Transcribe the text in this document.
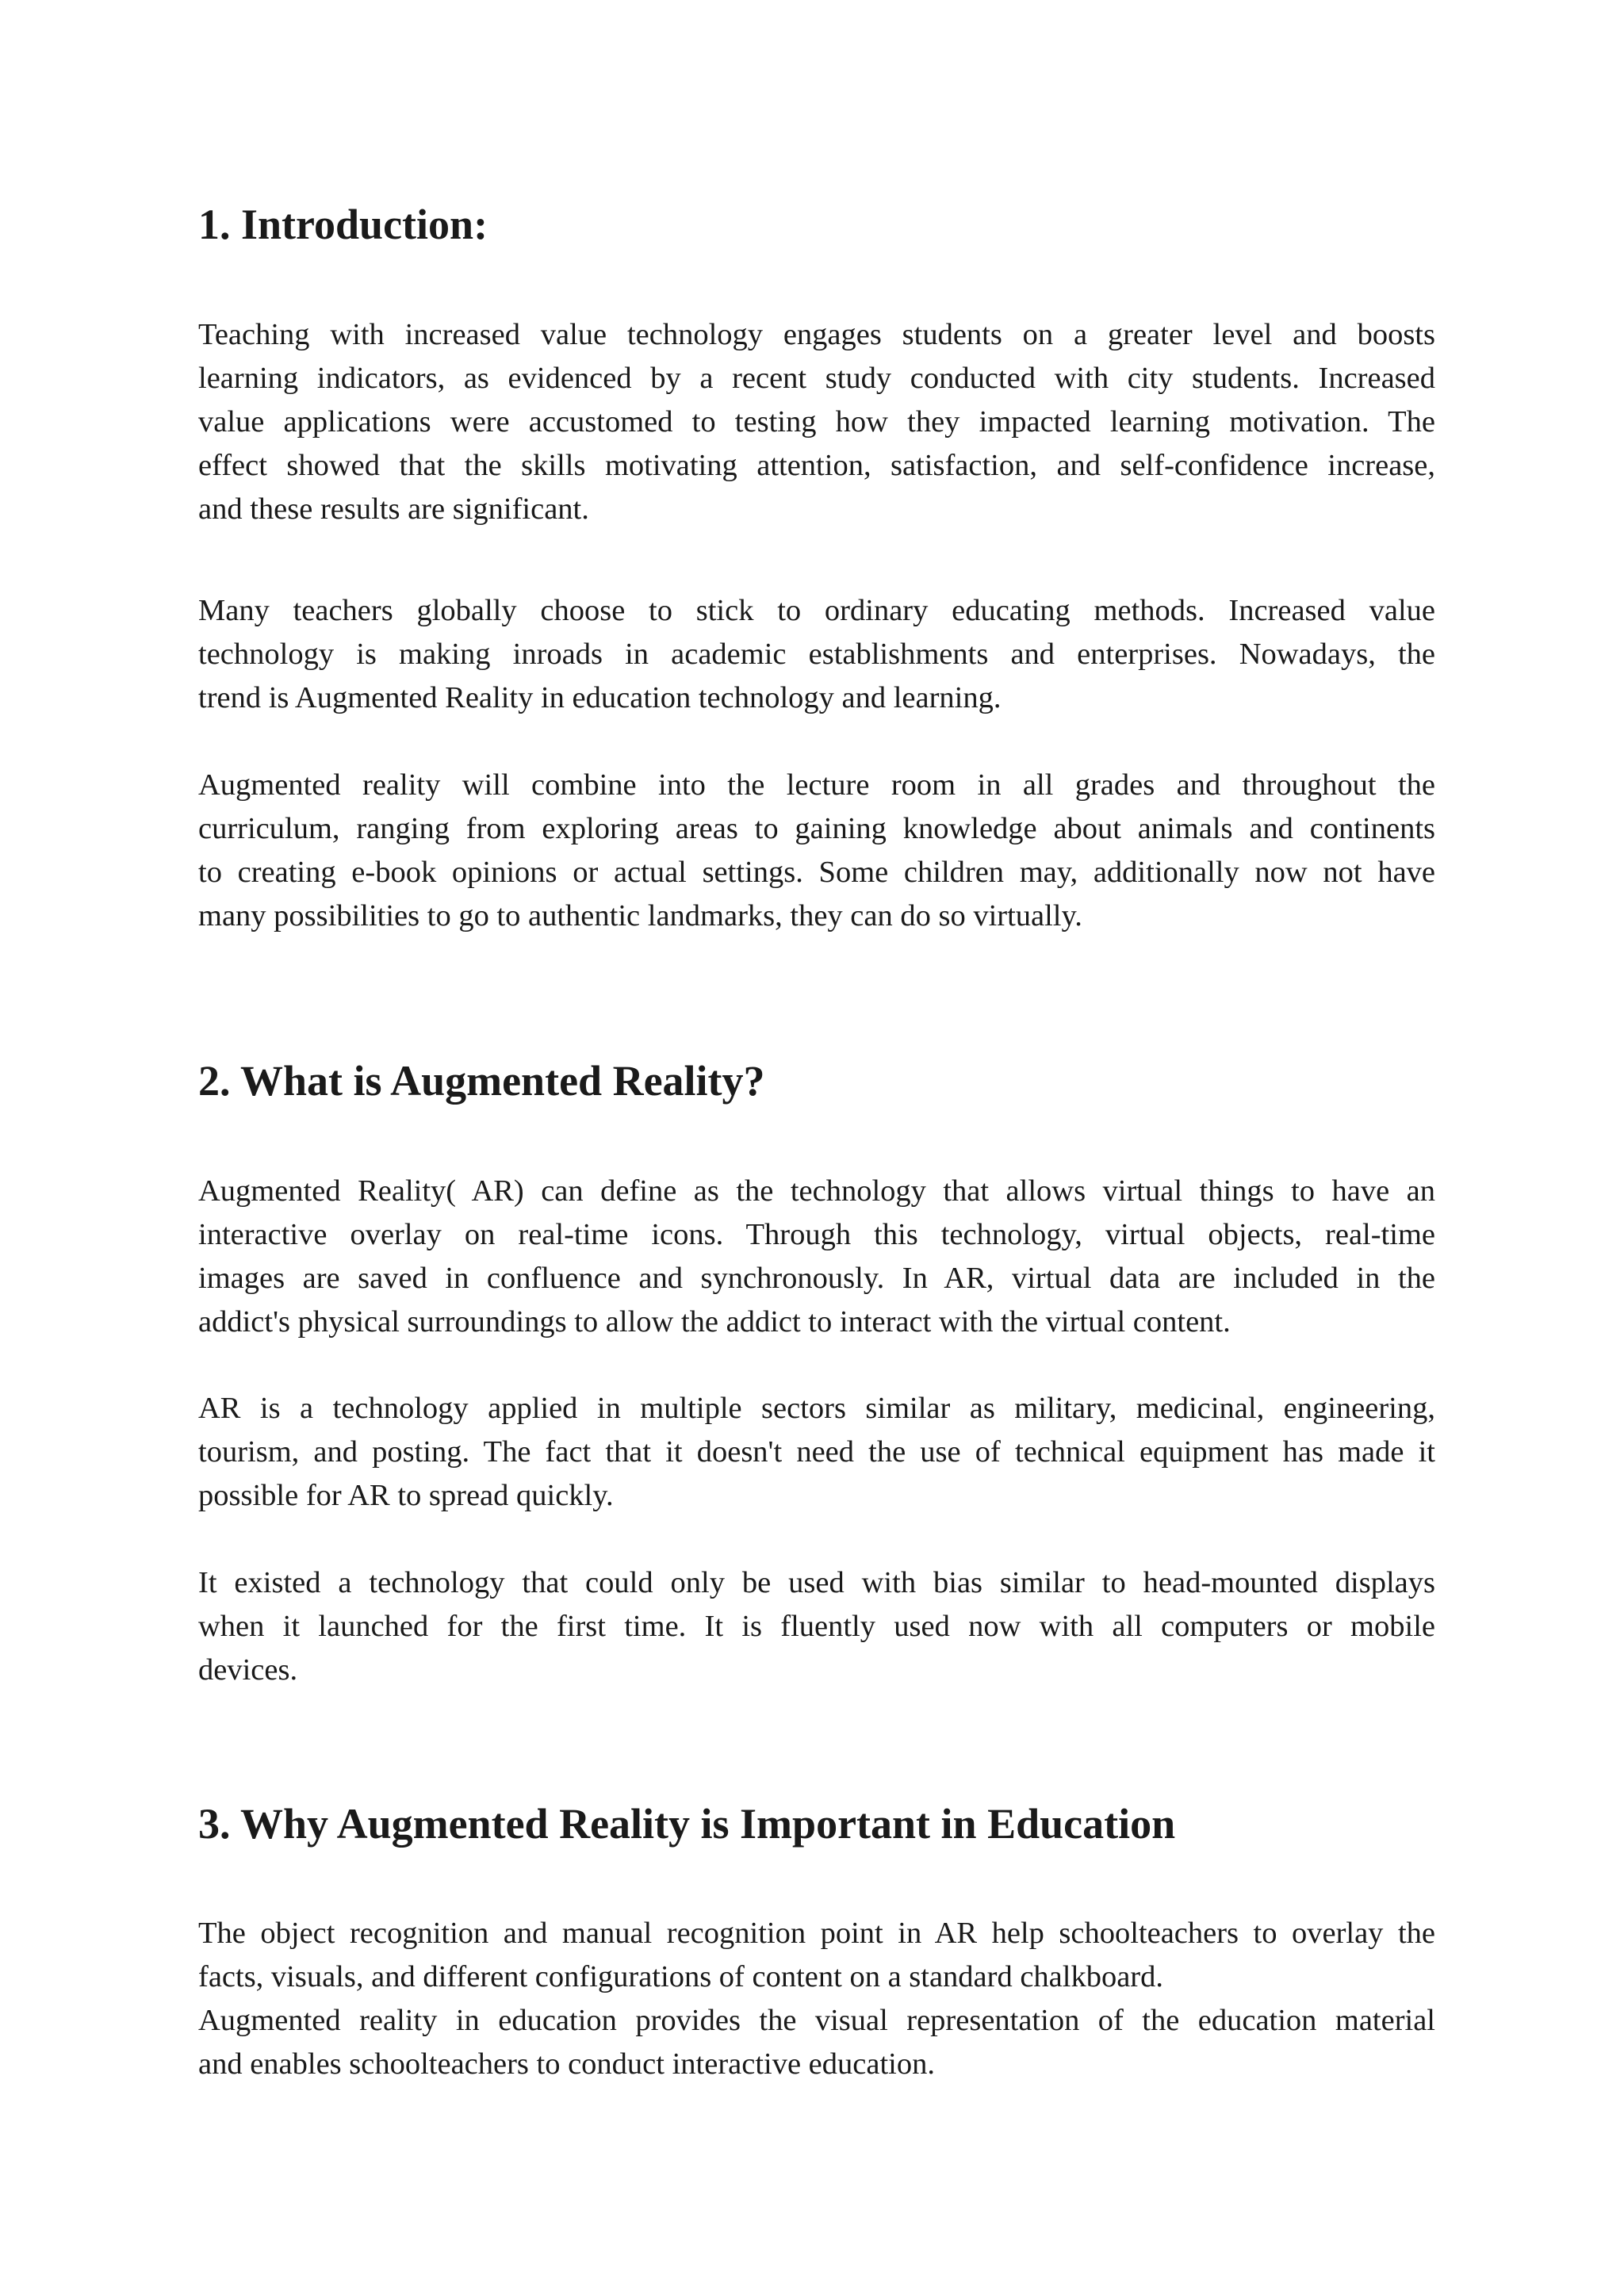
1. Introduction:
Teaching with increased value technology engages students on a greater level and boosts
learning indicators, as evidenced by a recent study conducted with city students. Increased
value applications were accustomed to testing how they impacted learning motivation. The
effect showed that the skills motivating attention, satisfaction, and self-confidence increase,
and these results are significant.
Many teachers globally choose to stick to ordinary educating methods. Increased value
technology is making inroads in academic establishments and enterprises. Nowadays, the
trend is Augmented Reality in education technology and learning.
Augmented reality will combine into the lecture room in all grades and throughout the
curriculum, ranging from exploring areas to gaining knowledge about animals and continents
to creating e-book opinions or actual settings. Some children may, additionally now not have
many possibilities to go to authentic landmarks, they can do so virtually.
2. What is Augmented Reality?
Augmented Reality( AR) can define as the technology that allows virtual things to have an
interactive overlay on real-time icons. Through this technology, virtual objects, real-time
images are saved in confluence and synchronously. In AR, virtual data are included in the
addict's physical surroundings to allow the addict to interact with the virtual content.
AR is a technology applied in multiple sectors similar as military, medicinal, engineering,
tourism, and posting. The fact that it doesn't need the use of technical equipment has made it
possible for AR to spread quickly.
It existed a technology that could only be used with bias similar to head-mounted displays
when it launched for the first time. It is fluently used now with all computers or mobile
devices.
3. Why Augmented Reality is Important in Education
The object recognition and manual recognition point in AR help schoolteachers to overlay the
facts, visuals, and different configurations of content on a standard chalkboard.
Augmented reality in education provides the visual representation of the education material
and enables schoolteachers to conduct interactive education.
